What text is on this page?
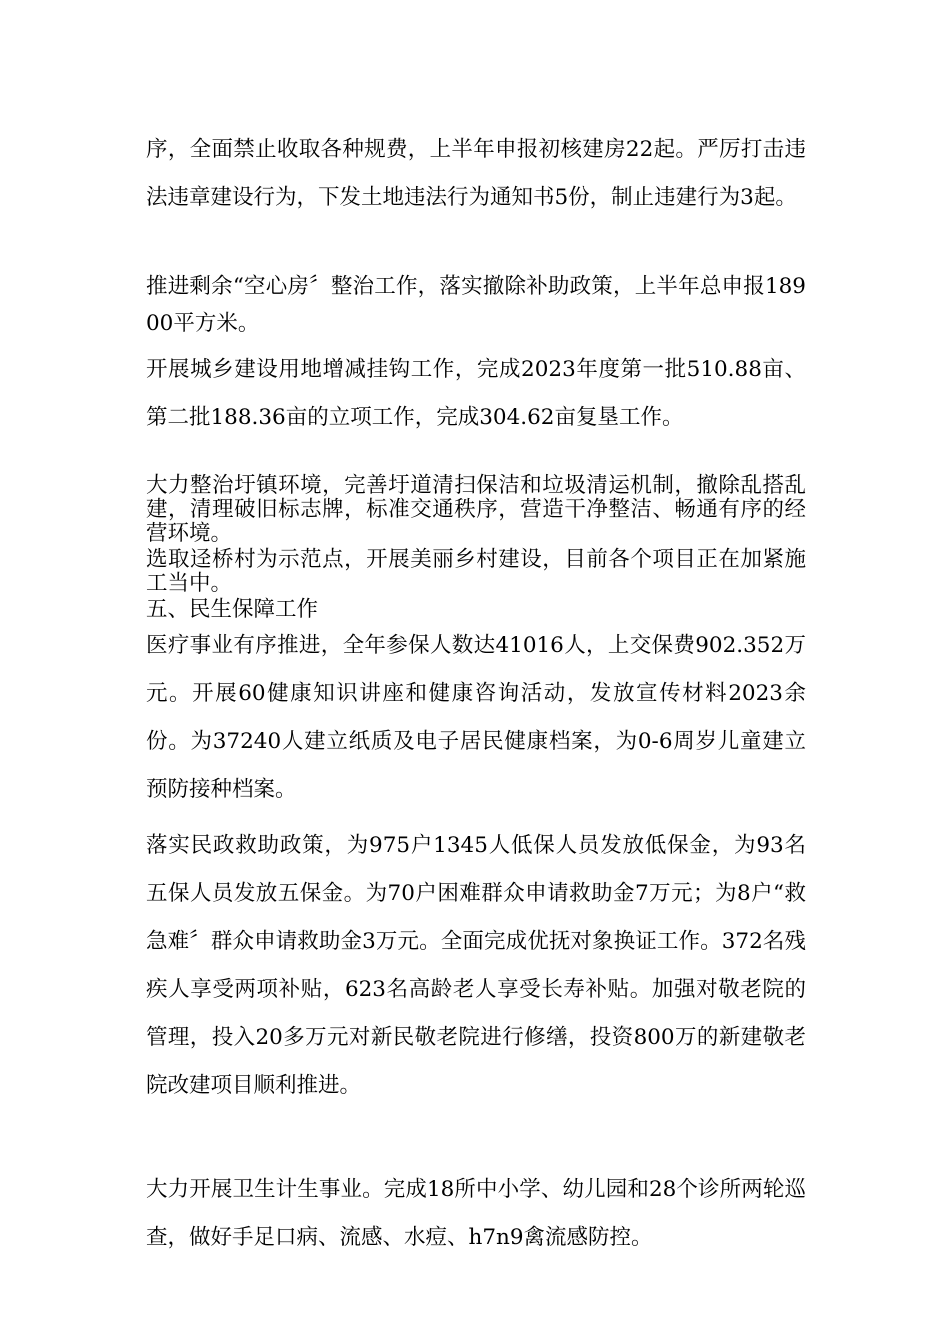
序，全面禁止收取各种规费，上半年申报初核建房22起。严厉打击违法违章建设行为，下发土地违法行为通知书5份，制止违建行为3起。

推进剩余“空心房〞整治工作，落实撤除补助政策，上半年总申报18900平方米。

开展城乡建设用地增减挂钩工作，完成2023年度第一批510.88亩、第二批188.36亩的立项工作，完成304.62亩复垦工作。

大力整治圩镇环境，完善圩道清扫保洁和垃圾清运机制，撤除乱搭乱建，清理破旧标志牌，标准交通秩序，营造干净整洁、畅通有序的经营环境。

选取迳桥村为示范点，开展美丽乡村建设，目前各个项目正在加紧施工当中。

五、民生保障工作

医疗事业有序推进，全年参保人数达41016人，上交保费902.352万元。开展60健康知识讲座和健康咨询活动，发放宣传材料2023余份。为37240人建立纸质及电子居民健康档案，为0-6周岁儿童建立预防接种档案。

落实民政救助政策，为975户1345人低保人员发放低保金，为93名五保人员发放五保金。为70户困难群众申请救助金7万元；为8户“救急难〞群众申请救助金3万元。全面完成优抚对象换证工作。372名残疾人享受两项补贴，623名高龄老人享受长寿补贴。加强对敬老院的管理，投入20多万元对新民敬老院进行修缮，投资800万的新建敬老院改建项目顺利推进。

大力开展卫生计生事业。完成18所中小学、幼儿园和28个诊所两轮巡查，做好手足口病、流感、水痘、h7n9禽流感防控。
